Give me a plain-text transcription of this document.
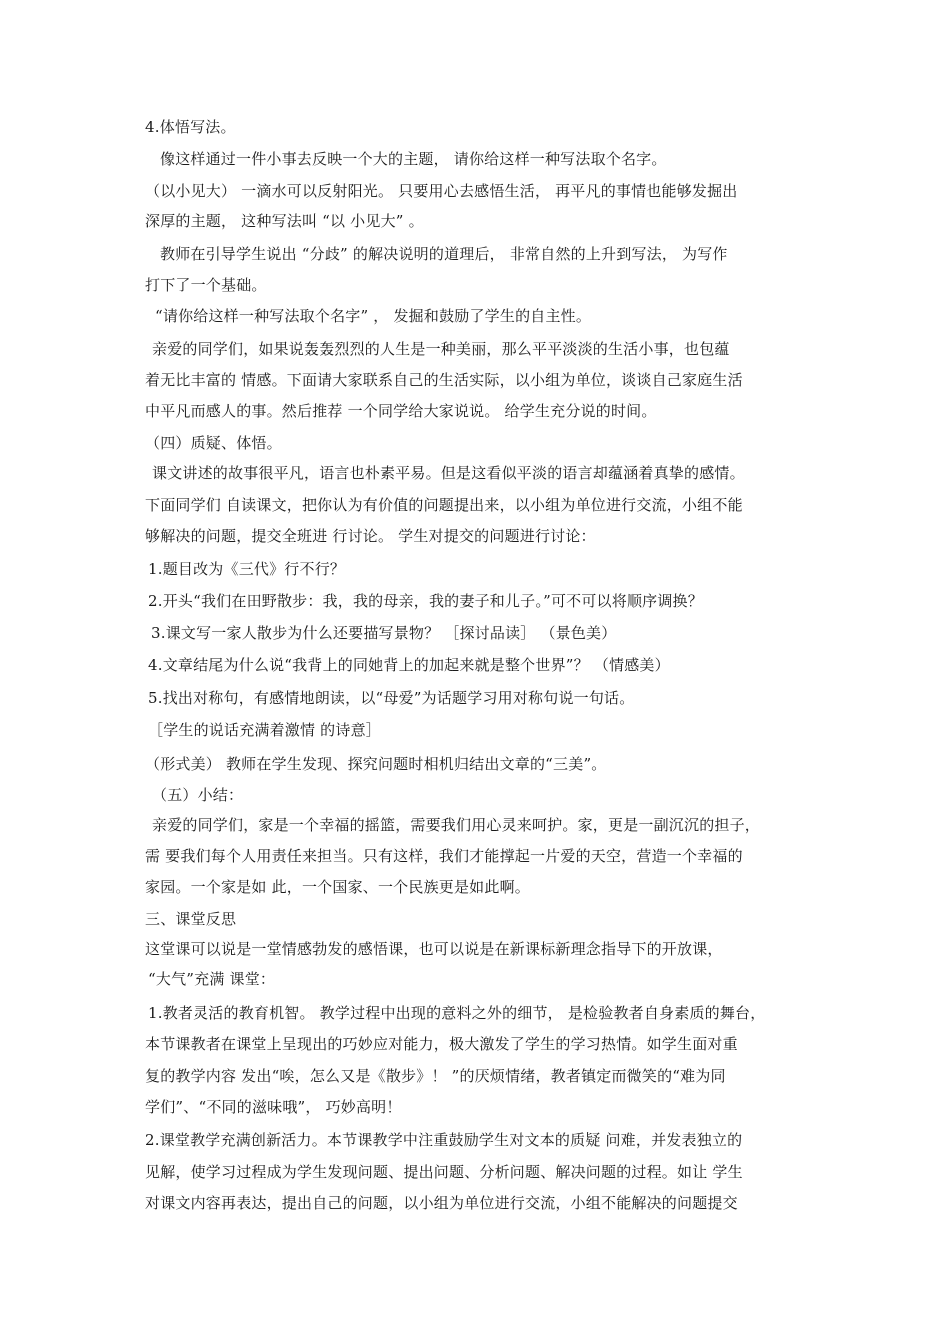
4.体悟写法。
像这样通过一件小事去反映一个大的主题， 请你给这样一种写法取个名字。
（以小见大） 一滴水可以反射阳光。 只要用心去感悟生活， 再平凡的事情也能够发掘出
深厚的主题， 这种写法叫 “以 小见大” 。
教师在引导学生说出 “分歧” 的解决说明的道理后， 非常自然的上升到写法， 为写作
打下了一个基础。
“请你给这样一种写法取个名字” ， 发掘和鼓励了学生的自主性。
亲爱的同学们，如果说轰轰烈烈的人生是一种美丽，那么平平淡淡的生活小事，也包蕴
着无比丰富的 情感。下面请大家联系自己的生活实际，以小组为单位，谈谈自己家庭生活
中平凡而感人的事。然后推荐 一个同学给大家说说。 给学生充分说的时间。
（四）质疑、体悟。
课文讲述的故事很平凡，语言也朴素平易。但是这看似平淡的语言却蕴涵着真挚的感情。
下面同学们 自读课文，把你认为有价值的问题提出来，以小组为单位进行交流，小组不能
够解决的问题，提交全班进 行讨论。 学生对提交的问题进行讨论：
1.题目改为《三代》行不行？
2.开头“我们在田野散步：我，我的母亲，我的妻子和儿子。”可不可以将顺序调换？
3.课文写一家人散步为什么还要描写景物？ ［探讨品读］ （景色美）
4.文章结尾为什么说“我背上的同她背上的加起来就是整个世界”？ （情感美）
5.找出对称句，有感情地朗读，以“母爱”为话题学习用对称句说一句话。
［学生的说话充满着激情 的诗意］
（形式美） 教师在学生发现、探究问题时相机归结出文章的“三美”。
（五）小结：
亲爱的同学们，家是一个幸福的摇篮，需要我们用心灵来呵护。家，更是一副沉沉的担子，
需 要我们每个人用责任来担当。只有这样，我们才能撑起一片爱的天空，营造一个幸福的
家园。一个家是如 此，一个国家、一个民族更是如此啊。
三、课堂反思
这堂课可以说是一堂情感勃发的感悟课，也可以说是在新课标新理念指导下的开放课，
“大气”充满 课堂：
1.教者灵活的教育机智。 教学过程中出现的意料之外的细节， 是检验教者自身素质的舞台，
本节课教者在课堂上呈现出的巧妙应对能力，极大激发了学生的学习热情。如学生面对重
复的教学内容 发出“唉，怎么又是《散步》！ ”的厌烦情绪，教者镇定而微笑的“难为同
学们”、“不同的滋味哦”， 巧妙高明！
2.课堂教学充满创新活力。本节课教学中注重鼓励学生对文本的质疑 问难，并发表独立的
见解，使学习过程成为学生发现问题、提出问题、分析问题、解决问题的过程。如让 学生
对课文内容再表达，提出自己的问题，以小组为单位进行交流，小组不能解决的问题提交
